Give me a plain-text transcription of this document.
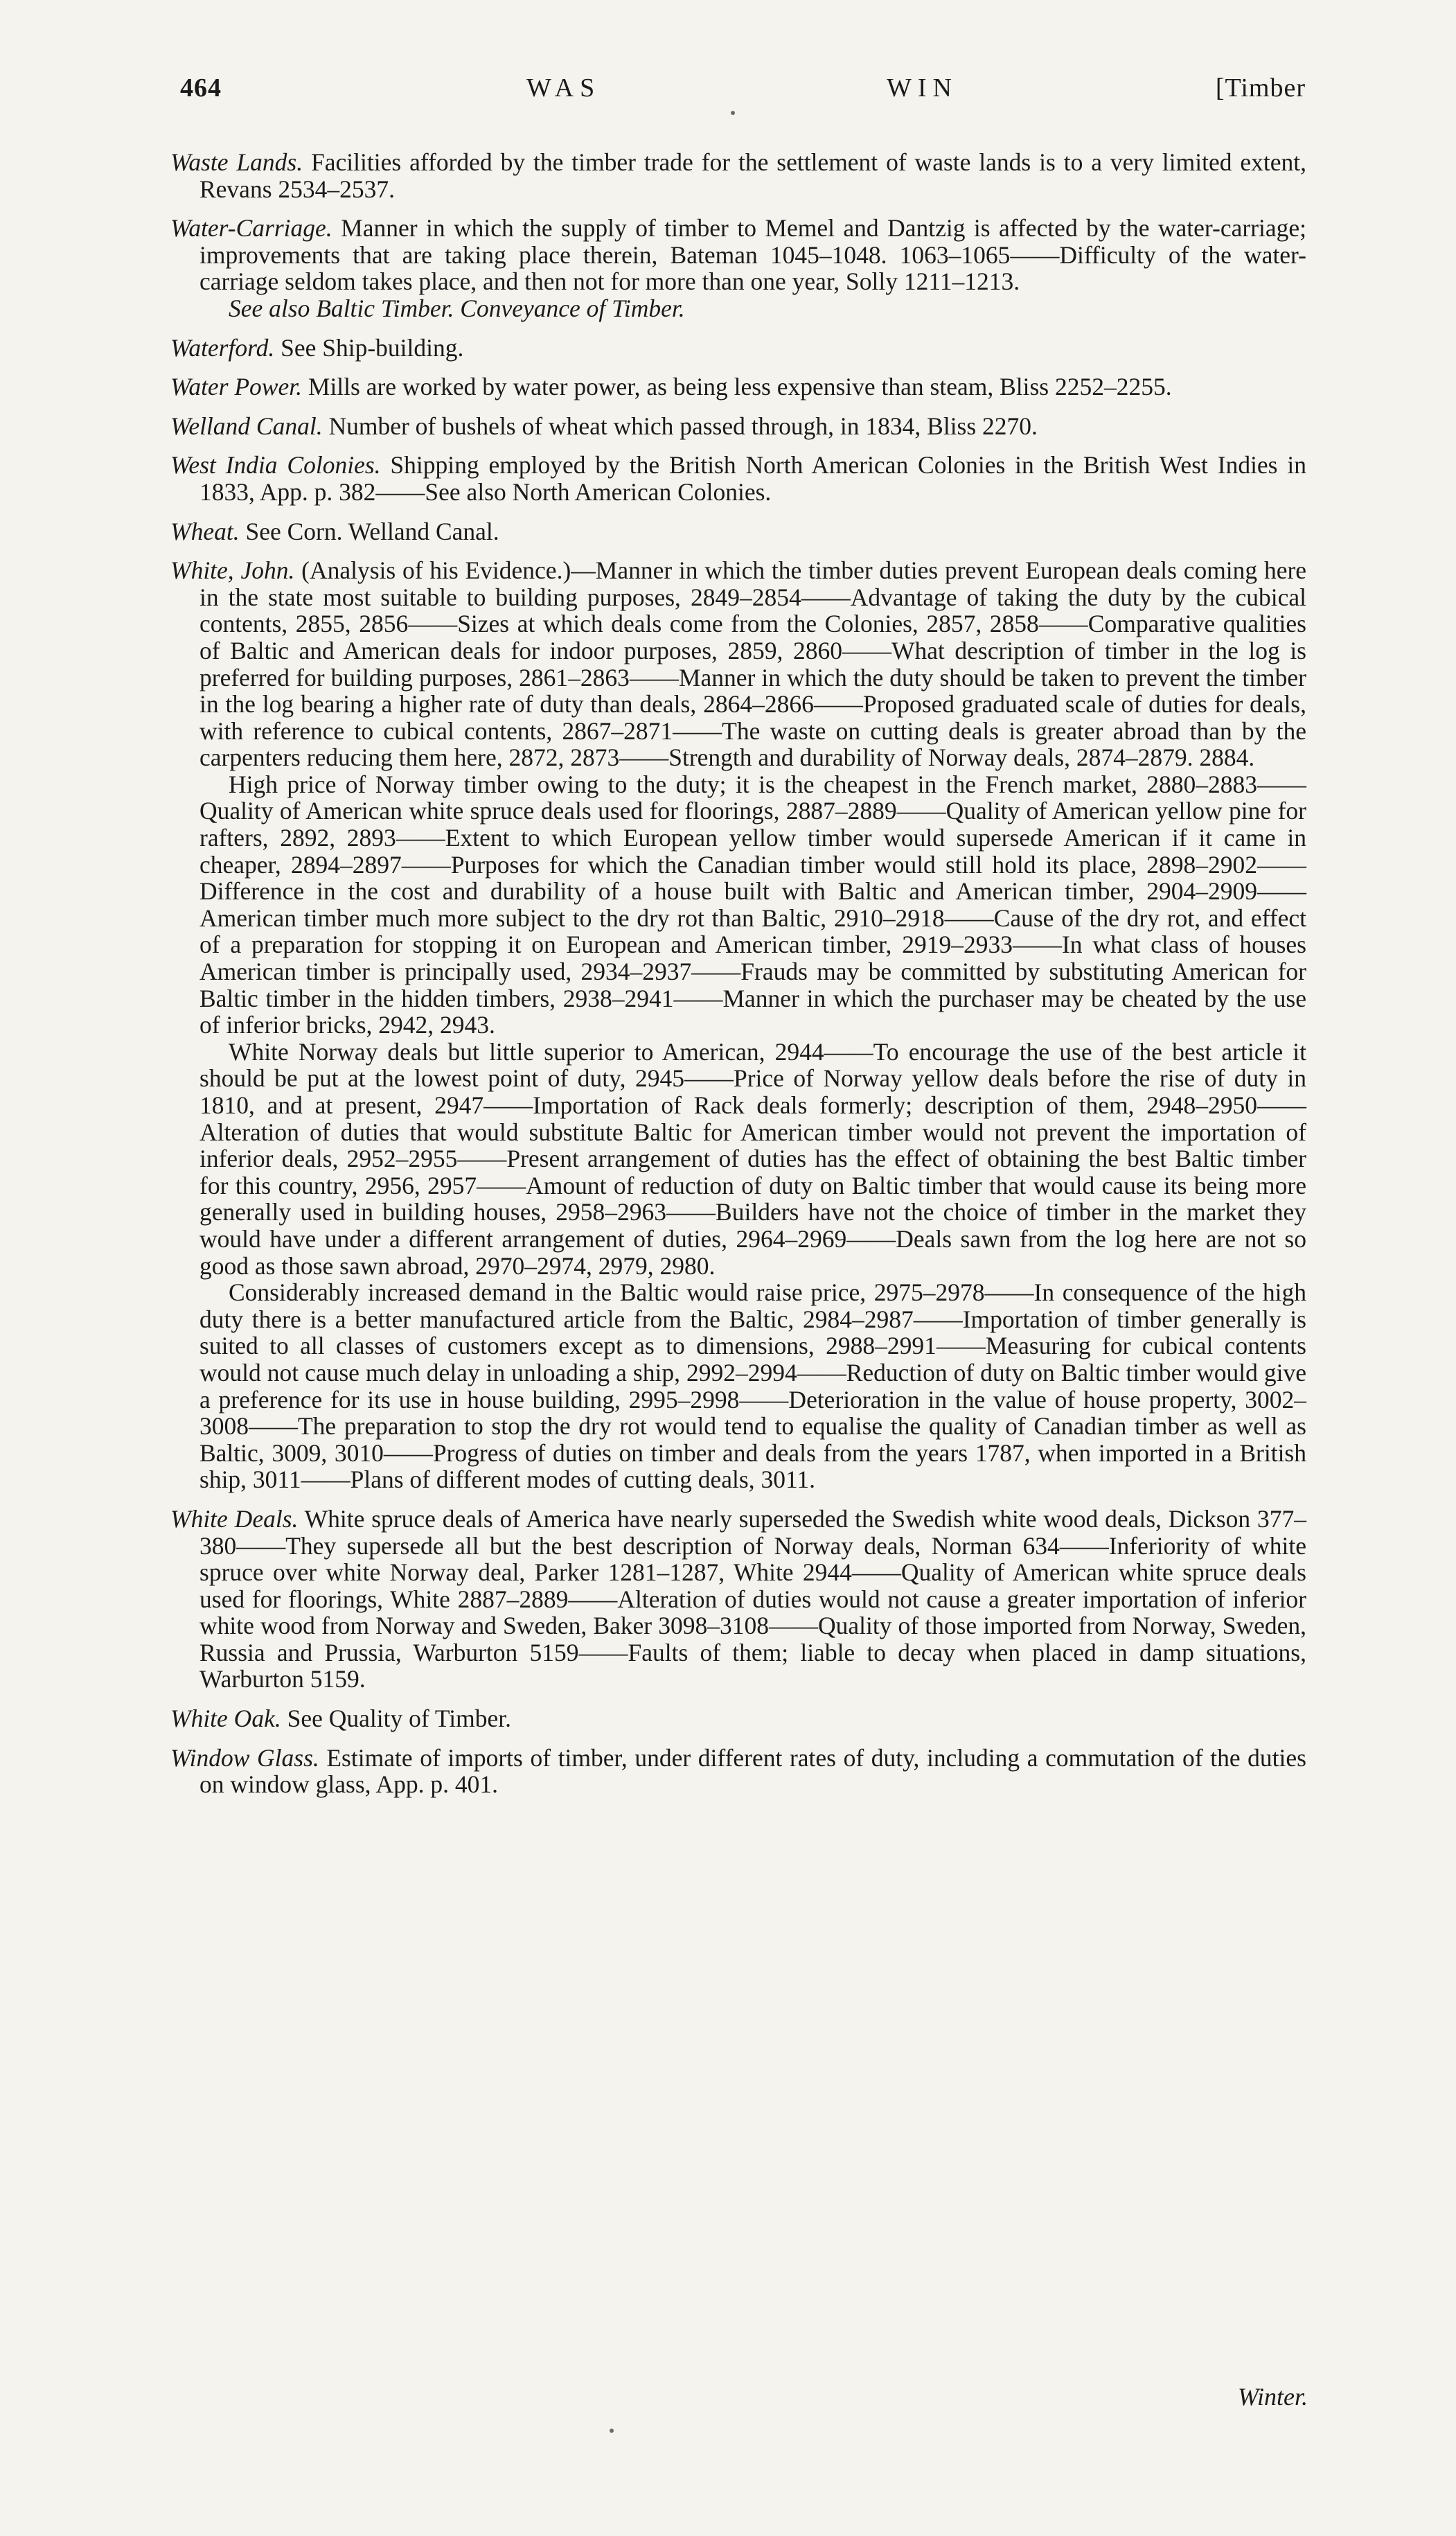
464	WAS	WIN	[Timber

Waste Lands. Facilities afforded by the timber trade for the settlement of waste lands is to a very limited extent, Revans 2534–2537.

Water-Carriage. Manner in which the supply of timber to Memel and Dantzig is affected by the water-carriage; improvements that are taking place therein, Bateman 1045–1048. 1063–1065——Difficulty of the water-carriage seldom takes place, and then not for more than one year, Solly 1211–1213.

See also Baltic Timber. Conveyance of Timber.

Waterford. See Ship-building.

Water Power. Mills are worked by water power, as being less expensive than steam, Bliss 2252–2255.

Welland Canal. Number of bushels of wheat which passed through, in 1834, Bliss 2270.

West India Colonies. Shipping employed by the British North American Colonies in the British West Indies in 1833, App. p. 382——See also North American Colonies.

Wheat. See Corn. Welland Canal.

White, John. (Analysis of his Evidence.)—Manner in which the timber duties prevent European deals coming here in the state most suitable to building purposes, 2849–2854——Advantage of taking the duty by the cubical contents, 2855, 2856——Sizes at which deals come from the Colonies, 2857, 2858——Comparative qualities of Baltic and American deals for indoor purposes, 2859, 2860——What description of timber in the log is preferred for building purposes, 2861–2863——Manner in which the duty should be taken to prevent the timber in the log bearing a higher rate of duty than deals, 2864–2866——Proposed graduated scale of duties for deals, with reference to cubical contents, 2867–2871——The waste on cutting deals is greater abroad than by the carpenters reducing them here, 2872, 2873——Strength and durability of Norway deals, 2874–2879. 2884.

High price of Norway timber owing to the duty; it is the cheapest in the French market, 2880–2883——Quality of American white spruce deals used for floorings, 2887–2889——Quality of American yellow pine for rafters, 2892, 2893——Extent to which European yellow timber would supersede American if it came in cheaper, 2894–2897——Purposes for which the Canadian timber would still hold its place, 2898–2902——Difference in the cost and durability of a house built with Baltic and American timber, 2904–2909——American timber much more subject to the dry rot than Baltic, 2910–2918——Cause of the dry rot, and effect of a preparation for stopping it on European and American timber, 2919–2933——In what class of houses American timber is principally used, 2934–2937——Frauds may be committed by substituting American for Baltic timber in the hidden timbers, 2938–2941——Manner in which the purchaser may be cheated by the use of inferior bricks, 2942, 2943.

White Norway deals but little superior to American, 2944——To encourage the use of the best article it should be put at the lowest point of duty, 2945——Price of Norway yellow deals before the rise of duty in 1810, and at present, 2947——Importation of Rack deals formerly; description of them, 2948–2950——Alteration of duties that would substitute Baltic for American timber would not prevent the importation of inferior deals, 2952–2955——Present arrangement of duties has the effect of obtaining the best Baltic timber for this country, 2956, 2957——Amount of reduction of duty on Baltic timber that would cause its being more generally used in building houses, 2958–2963——Builders have not the choice of timber in the market they would have under a different arrangement of duties, 2964–2969——Deals sawn from the log here are not so good as those sawn abroad, 2970–2974, 2979, 2980.

Considerably increased demand in the Baltic would raise price, 2975–2978——In consequence of the high duty there is a better manufactured article from the Baltic, 2984–2987——Importation of timber generally is suited to all classes of customers except as to dimensions, 2988–2991——Measuring for cubical contents would not cause much delay in unloading a ship, 2992–2994——Reduction of duty on Baltic timber would give a preference for its use in house building, 2995–2998——Deterioration in the value of house property, 3002–3008——The preparation to stop the dry rot would tend to equalise the quality of Canadian timber as well as Baltic, 3009, 3010——Progress of duties on timber and deals from the years 1787, when imported in a British ship, 3011——Plans of different modes of cutting deals, 3011.

White Deals. White spruce deals of America have nearly superseded the Swedish white wood deals, Dickson 377–380——They supersede all but the best description of Norway deals, Norman 634——Inferiority of white spruce over white Norway deal, Parker 1281–1287, White 2944——Quality of American white spruce deals used for floorings, White 2887–2889——Alteration of duties would not cause a greater importation of inferior white wood from Norway and Sweden, Baker 3098–3108——Quality of those imported from Norway, Sweden, Russia and Prussia, Warburton 5159——Faults of them; liable to decay when placed in damp situations, Warburton 5159.

White Oak. See Quality of Timber.

Window Glass. Estimate of imports of timber, under different rates of duty, including a commutation of the duties on window glass, App. p. 401.

Winter.
